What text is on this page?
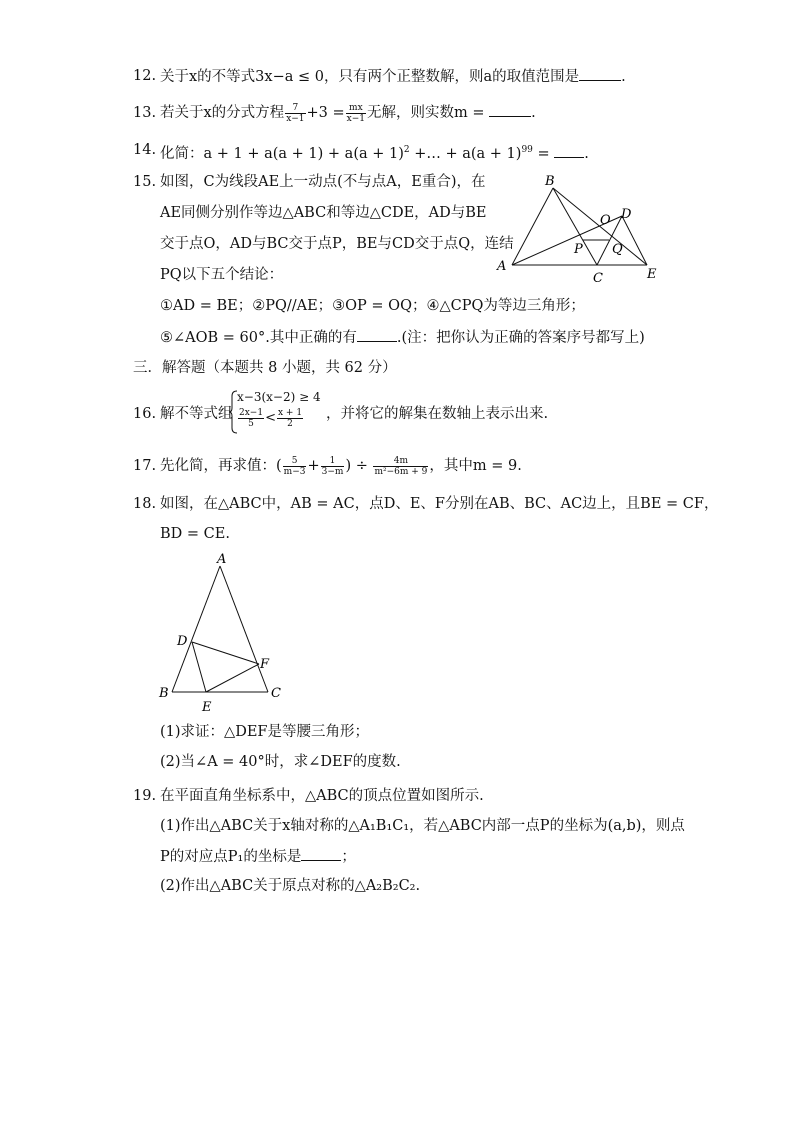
12. 关于x的不等式3x−a ≤ 0，只有两个正整数解，则a的取值范围是	.
13. 若关于x的分式方程 $\frac{7}{x-1} +3 = \frac{mx}{x-1}$ 无解，则实数m =	.
14. 化简：$a + 1 + a(a + 1) + a(a + 1)^2$ +… + $a(a + 1)^{99}$ = .
15. 如图，C为线段AE上一动点(不与点A，E重合)，在
AE同侧分别作等边△ABC和等边△CDE，AD与BE
交于点O，AD与BC交于点P，BE与CD交于点Q，连结
PQ以下五个结论：
①AD = BE；②PQ//AE；③OP = OQ；④△CPQ为等边三角形；
⑤∠AOB = 60°.其中正确的有	.(注：把你认为正确的答案序号都写上)
B
A
C
D
E
O
P Q
三．解答题（本题共 8 小题，共 62 分）
16. 解不等式组
x−3(x−2) ≥ 4
$\frac{2x-1}{5} < \frac{x + 1}{2}$ ，并将它的解集在数轴上表示出来.
17. 先化简，再求值：( $\frac{5}{m-3} + \frac{1}{3-m}$ ) ÷ $\frac{4m}{\text{m²−6m + 9}}$ ，其中m = 9.
18. 如图，在△ABC中，AB = AC，点D、E、F分别在AB、BC、AC边上，且BE = CF，
BD = CE.
A
D
F
B	C
E
(1)求证：△DEF是等腰三角形；
(2)当∠A = 40°时，求∠DEF的度数.
19. 在平面直角坐标系中，△ABC的顶点位置如图所示.
(1)作出△ABC关于x轴对称的△A₁B₁C₁，若△ABC内部一点P的坐标为(a,b)，则点
P的对应点P₁的坐标是	；
(2)作出△ABC关于原点对称的△A₂B₂C₂.
